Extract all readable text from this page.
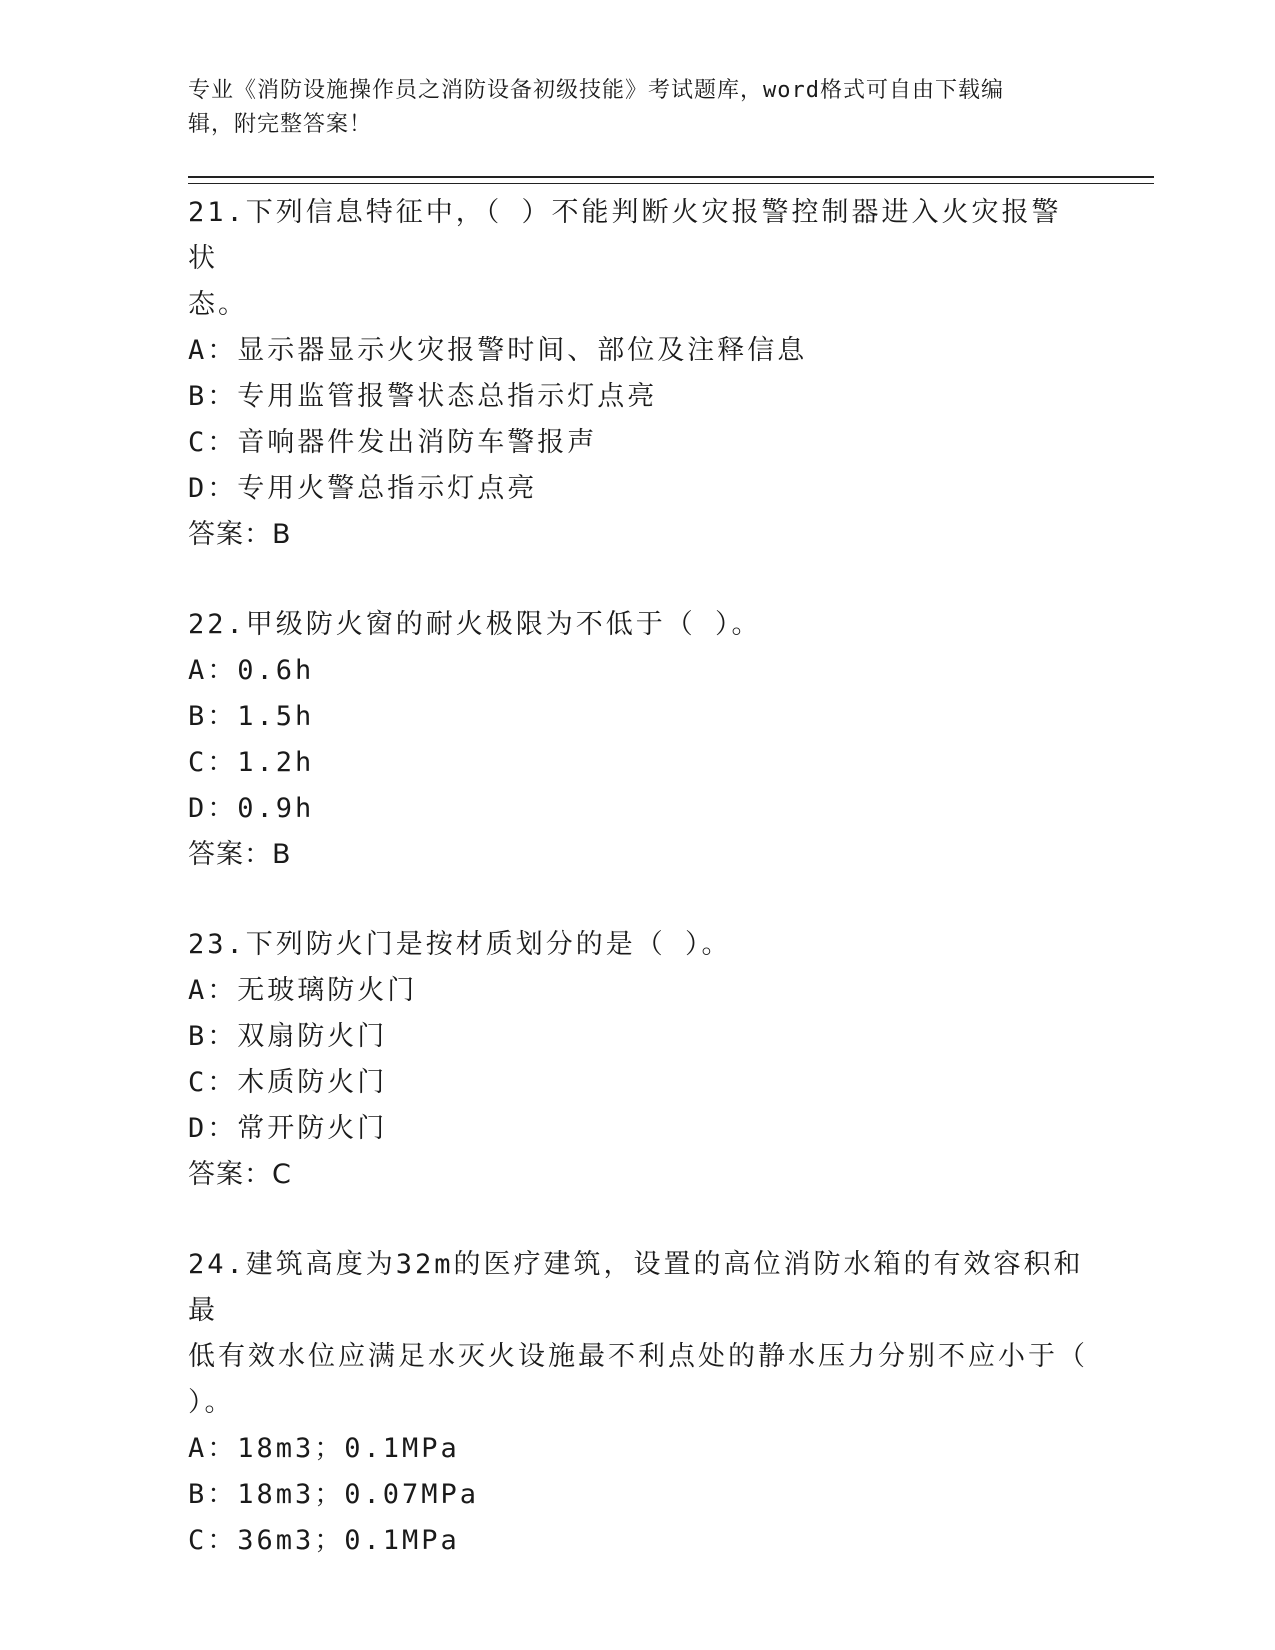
专业《消防设施操作员之消防设备初级技能》考试题库，word格式可自由下载编
辑，附完整答案！
21.下列信息特征中，（ ）不能判断火灾报警控制器进入火灾报警状
态。
A：显示器显示火灾报警时间、部位及注释信息
B：专用监管报警状态总指示灯点亮
C：音响器件发出消防车警报声
D：专用火警总指示灯点亮
答案：B
22.甲级防火窗的耐火极限为不低于（ ）。
A：0.6h
B：1.5h
C：1.2h
D：0.9h
答案：B
23.下列防火门是按材质划分的是（ ）。
A：无玻璃防火门
B：双扇防火门
C：木质防火门
D：常开防火门
答案：C
24.建筑高度为32m的医疗建筑，设置的高位消防水箱的有效容积和最
低有效水位应满足水灭火设施最不利点处的静水压力分别不应小于（
）。
A：18m3；0.1MPa
B：18m3；0.07MPa
C：36m3；0.1MPa
